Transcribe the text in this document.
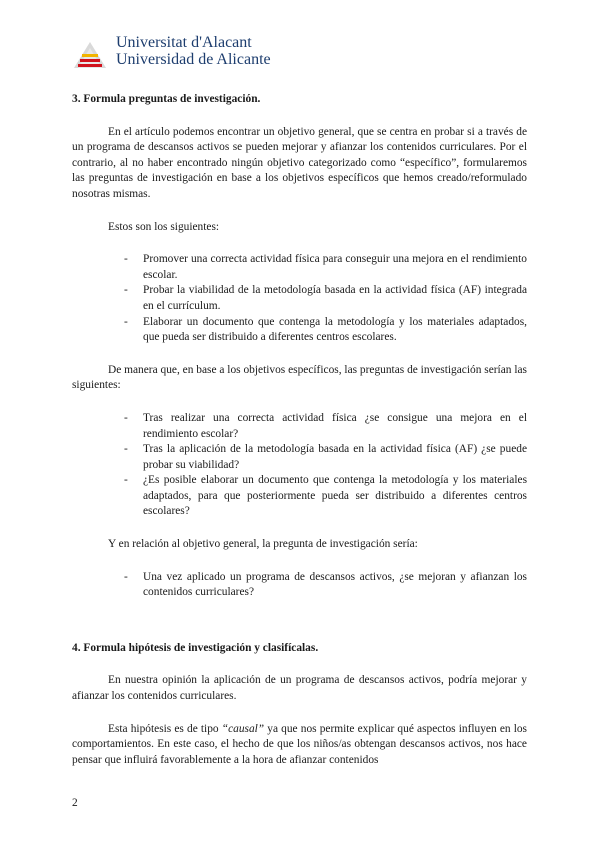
Universitat d'Alacant
Universidad de Alicante

3. Formula preguntas de investigación.

En el artículo podemos encontrar un objetivo general, que se centra en probar si a través de un programa de descansos activos se pueden mejorar y afianzar los contenidos curriculares. Por el contrario, al no haber encontrado ningún objetivo categorizado como “específico”, formularemos las preguntas de investigación en base a los objetivos específicos que hemos creado/reformulado nosotras mismas.

Estos son los siguientes:

- Promover una correcta actividad física para conseguir una mejora en el rendimiento escolar.
- Probar la viabilidad de la metodología basada en la actividad física (AF) integrada en el currículum.
- Elaborar un documento que contenga la metodología y los materiales adaptados, que pueda ser distribuido a diferentes centros escolares.

De manera que, en base a los objetivos específicos, las preguntas de investigación serían las siguientes:

- Tras realizar una correcta actividad física ¿se consigue una mejora en el rendimiento escolar?
- Tras la aplicación de la metodología basada en la actividad física (AF) ¿se puede probar su viabilidad?
- ¿Es posible elaborar un documento que contenga la metodología y los materiales adaptados, para que posteriormente pueda ser distribuido a diferentes centros escolares?

Y en relación al objetivo general, la pregunta de investigación sería:

- Una vez aplicado un programa de descansos activos, ¿se mejoran y afianzan los contenidos curriculares?

4. Formula hipótesis de investigación y clasifícalas.

En nuestra opinión la aplicación de un programa de descansos activos, podría mejorar y afianzar los contenidos curriculares.

Esta hipótesis es de tipo “causal” ya que nos permite explicar qué aspectos influyen en los comportamientos. En este caso, el hecho de que los niños/as obtengan descansos activos, nos hace pensar que influirá favorablemente a la hora de afianzar contenidos

2
